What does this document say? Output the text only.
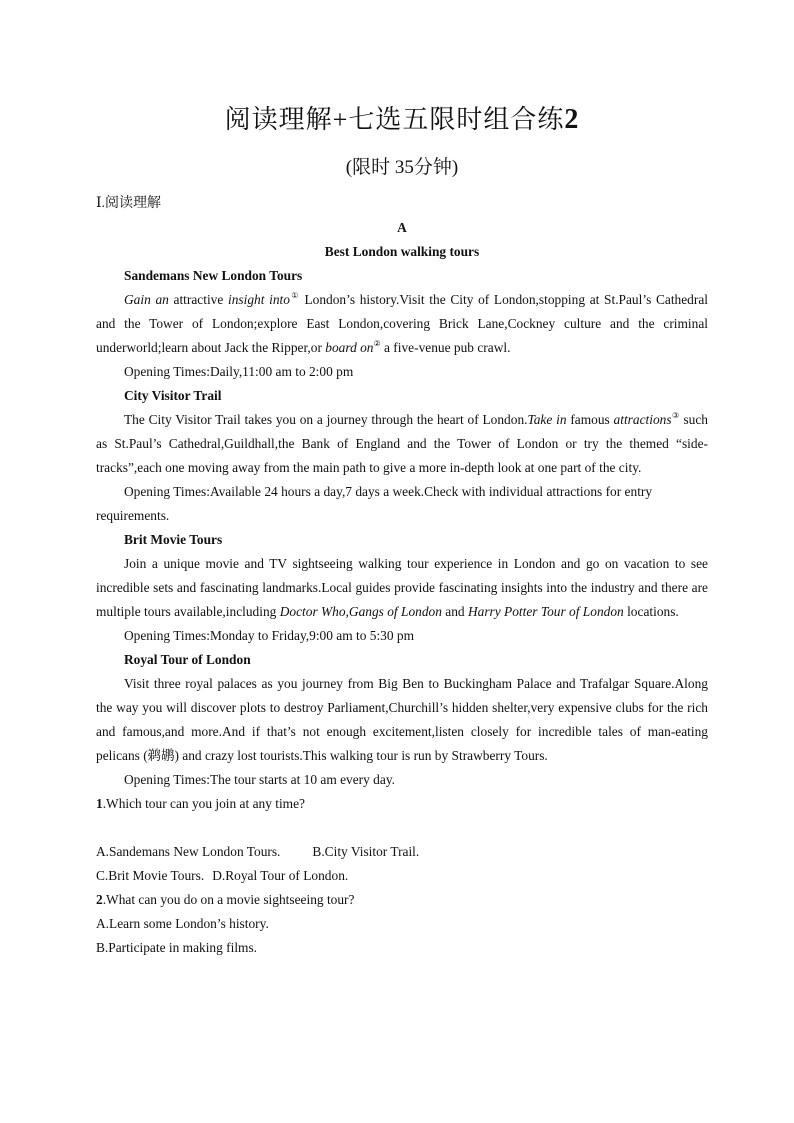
阅读理解+七选五限时组合练2
(限时 35分钟)

Ⅰ.阅读理解

A

Best London walking tours

Sandemans New London Tours

Gain an attractive insight into① London’s history.Visit the City of London,stopping at St.Paul’s Cathedral and the Tower of London;explore East London,covering Brick Lane,Cockney culture and the criminal underworld;learn about Jack the Ripper,or board on② a five-venue pub crawl.

Opening Times:Daily,11:00 am to 2:00 pm

City Visitor Trail

The City Visitor Trail takes you on a journey through the heart of London.Take in famous attractions③ such as St.Paul’s Cathedral,Guildhall,the Bank of England and the Tower of London or try the themed “side-tracks”,each one moving away from the main path to give a more in-depth look at one part of the city.

Opening Times:Available 24 hours a day,7 days a week.Check with individual attractions for entry requirements.

Brit Movie Tours

Join a unique movie and TV sightseeing walking tour experience in London and go on vacation to see incredible sets and fascinating landmarks.Local guides provide fascinating insights into the industry and there are multiple tours available,including Doctor Who,Gangs of London and Harry Potter Tour of London locations.

Opening Times:Monday to Friday,9:00 am to 5:30 pm

Royal Tour of London

Visit three royal palaces as you journey from Big Ben to Buckingham Palace and Trafalgar Square.Along the way you will discover plots to destroy Parliament,Churchill’s hidden shelter,very expensive clubs for the rich and famous,and more.And if that’s not enough excitement,listen closely for incredible tales of man-eating pelicans (鹈鹕) and crazy lost tourists.This walking tour is run by Strawberry Tours.

Opening Times:The tour starts at 10 am every day.

1.Which tour can you join at any time?

A.Sandemans New London Tours. B.City Visitor Trail.

C.Brit Movie Tours. D.Royal Tour of London.

2.What can you do on a movie sightseeing tour?

A.Learn some London’s history.

B.Participate in making films.
